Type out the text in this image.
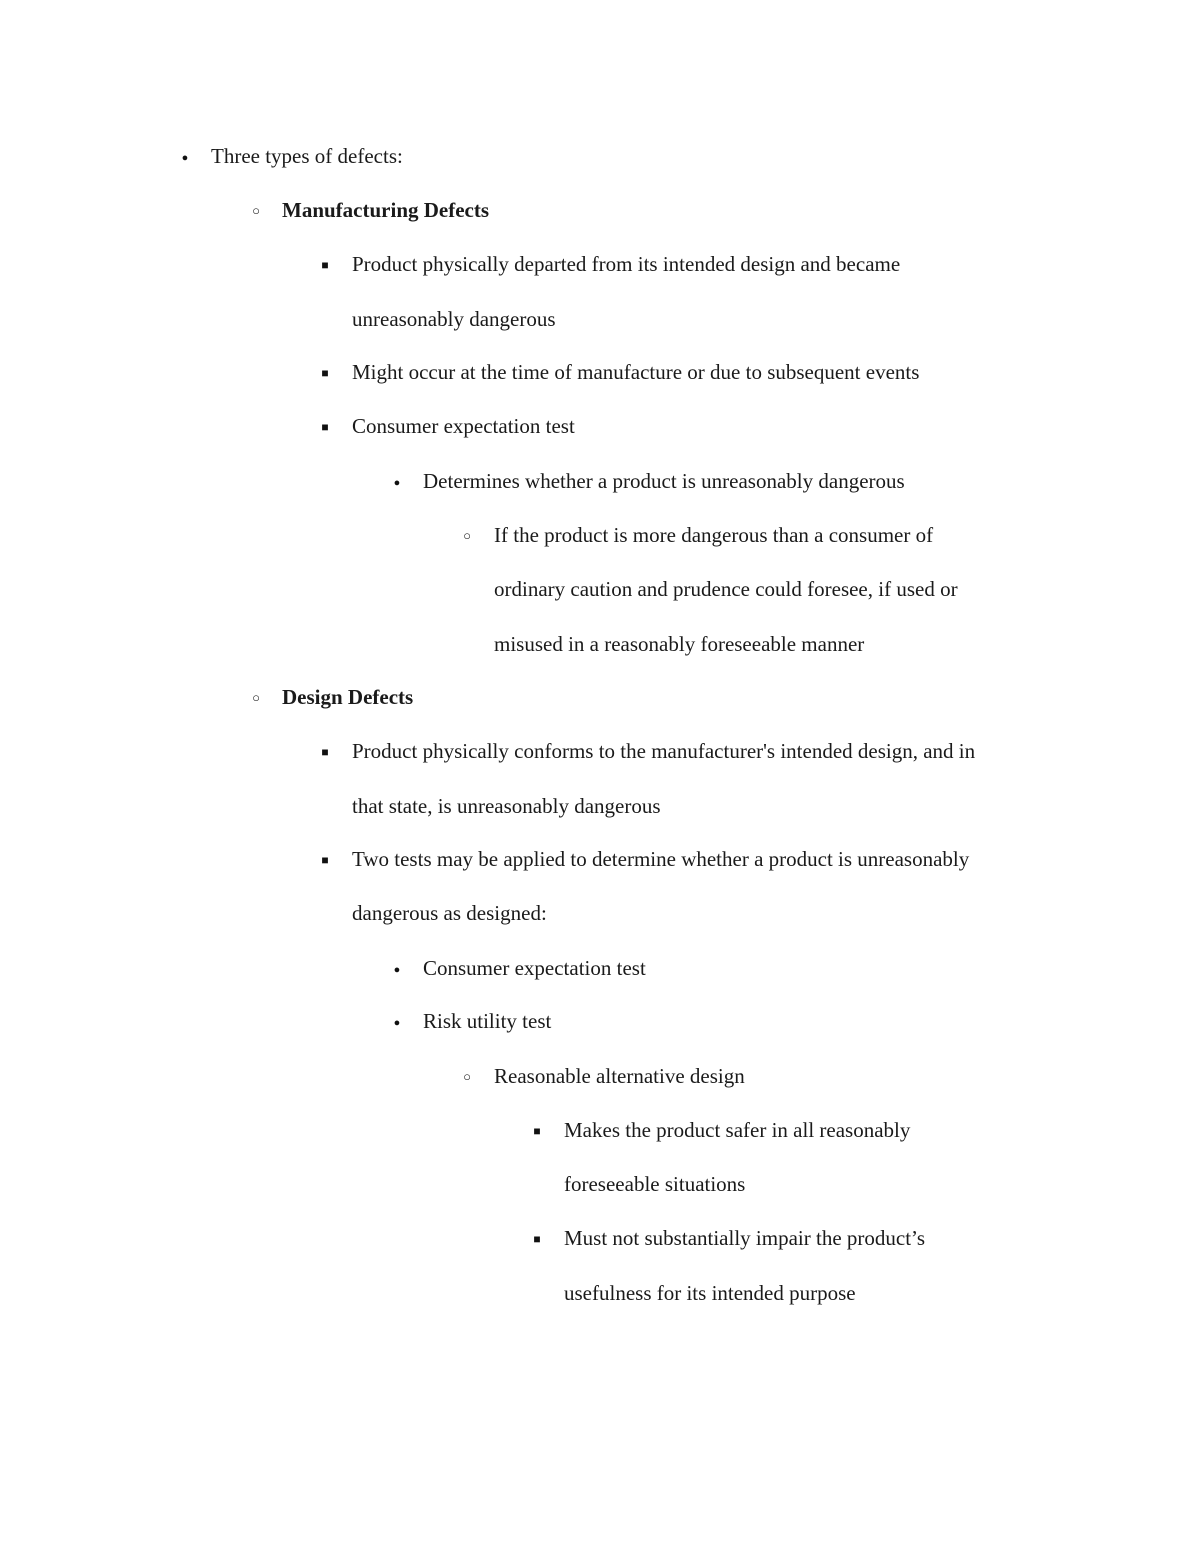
●
Three types of defects:
○
Manufacturing Defects
■
Product physically departed from its intended design and became
unreasonably dangerous
■
Might occur at the time of manufacture or due to subsequent events
■
Consumer expectation test
●
Determines whether a product is unreasonably dangerous
○
If the product is more dangerous than a consumer of
ordinary caution and prudence could foresee, if used or
misused in a reasonably foreseeable manner
○
Design Defects
■
Product physically conforms to the manufacturer's intended design, and in
that state, is unreasonably dangerous
■
Two tests may be applied to determine whether a product is unreasonably
dangerous as designed:
●
Consumer expectation test
●
Risk utility test
○
Reasonable alternative design
■
Makes the product safer in all reasonably
foreseeable situations
■
Must not substantially impair the product’s
usefulness for its intended purpose
